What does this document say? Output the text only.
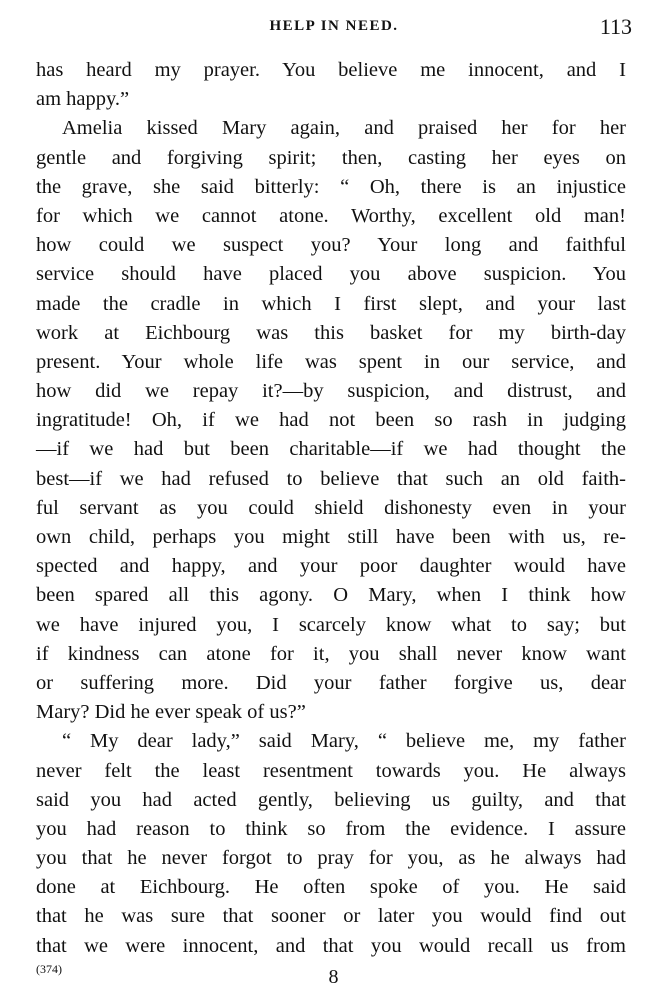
HELP IN NEED.	113
has heard my prayer. You believe me innocent, and I
am happy.”
Amelia kissed Mary again, and praised her for her
gentle and forgiving spirit; then, casting her eyes on
the grave, she said bitterly: “ Oh, there is an injustice
for which we cannot atone. Worthy, excellent old man!
how could we suspect you? Your long and faithful
service should have placed you above suspicion. You
made the cradle in which I first slept, and your last
work at Eichbourg was this basket for my birth-day
present. Your whole life was spent in our service, and
how did we repay it?—by suspicion, and distrust, and
ingratitude! Oh, if we had not been so rash in judging
—if we had but been charitable—if we had thought the
best—if we had refused to believe that such an old faith-
ful servant as you could shield dishonesty even in your
own child, perhaps you might still have been with us, re-
spected and happy, and your poor daughter would have
been spared all this agony. O Mary, when I think how
we have injured you, I scarcely know what to say; but
if kindness can atone for it, you shall never know want
or suffering more. Did your father forgive us, dear
Mary? Did he ever speak of us?”
“ My dear lady,” said Mary, “ believe me, my father
never felt the least resentment towards you. He always
said you had acted gently, believing us guilty, and that
you had reason to think so from the evidence. I assure
you that he never forgot to pray for you, as he always had
done at Eichbourg. He often spoke of you. He said
that he was sure that sooner or later you would find out
that we were innocent, and that you would recall us from
(374)	8
